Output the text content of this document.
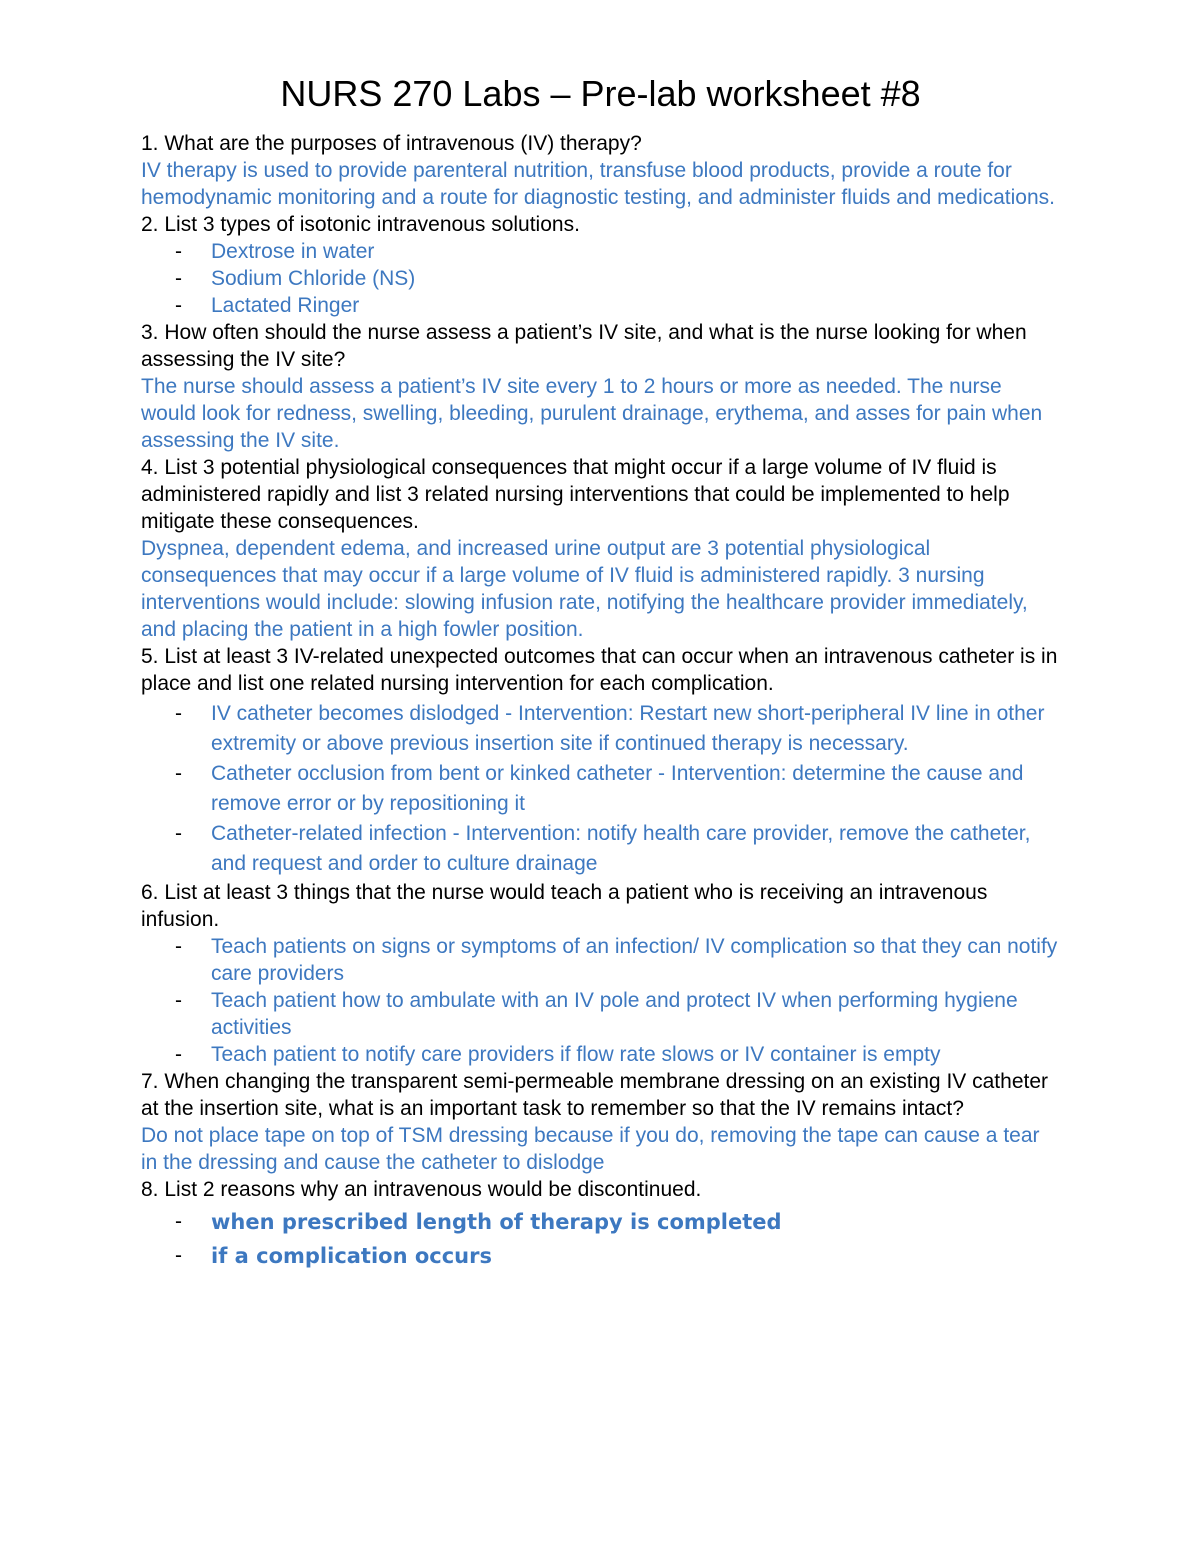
NURS 270 Labs – Pre-lab worksheet #8

1. What are the purposes of intravenous (IV) therapy?

IV therapy is used to provide parenteral nutrition, transfuse blood products, provide a route for hemodynamic monitoring and a route for diagnostic testing, and administer fluids and medications.

2. List 3 types of isotonic intravenous solutions.

- Dextrose in water
- Sodium Chloride (NS)
- Lactated Ringer

3. How often should the nurse assess a patient’s IV site, and what is the nurse looking for when assessing the IV site?

The nurse should assess a patient’s IV site every 1 to 2 hours or more as needed. The nurse would look for redness, swelling, bleeding, purulent drainage, erythema, and asses for pain when assessing the IV site.

4. List 3 potential physiological consequences that might occur if a large volume of IV fluid is administered rapidly and list 3 related nursing interventions that could be implemented to help mitigate these consequences.

Dyspnea, dependent edema, and increased urine output are 3 potential physiological consequences that may occur if a large volume of IV fluid is administered rapidly. 3 nursing interventions would include: slowing infusion rate, notifying the healthcare provider immediately, and placing the patient in a high fowler position.

5. List at least 3 IV-related unexpected outcomes that can occur when an intravenous catheter is in place and list one related nursing intervention for each complication.

- IV catheter becomes dislodged - Intervention: Restart new short-peripheral IV line in other extremity or above previous insertion site if continued therapy is necessary.
- Catheter occlusion from bent or kinked catheter - Intervention: determine the cause and remove error or by repositioning it
- Catheter-related infection - Intervention: notify health care provider, remove the catheter, and request and order to culture drainage

6. List at least 3 things that the nurse would teach a patient who is receiving an intravenous infusion.

- Teach patients on signs or symptoms of an infection/ IV complication so that they can notify care providers
- Teach patient how to ambulate with an IV pole and protect IV when performing hygiene activities
- Teach patient to notify care providers if flow rate slows or IV container is empty

7. When changing the transparent semi-permeable membrane dressing on an existing IV catheter at the insertion site, what is an important task to remember so that the IV remains intact?

Do not place tape on top of TSM dressing because if you do, removing the tape can cause a tear in the dressing and cause the catheter to dislodge

8. List 2 reasons why an intravenous would be discontinued.

- when prescribed length of therapy is completed
- if a complication occurs
